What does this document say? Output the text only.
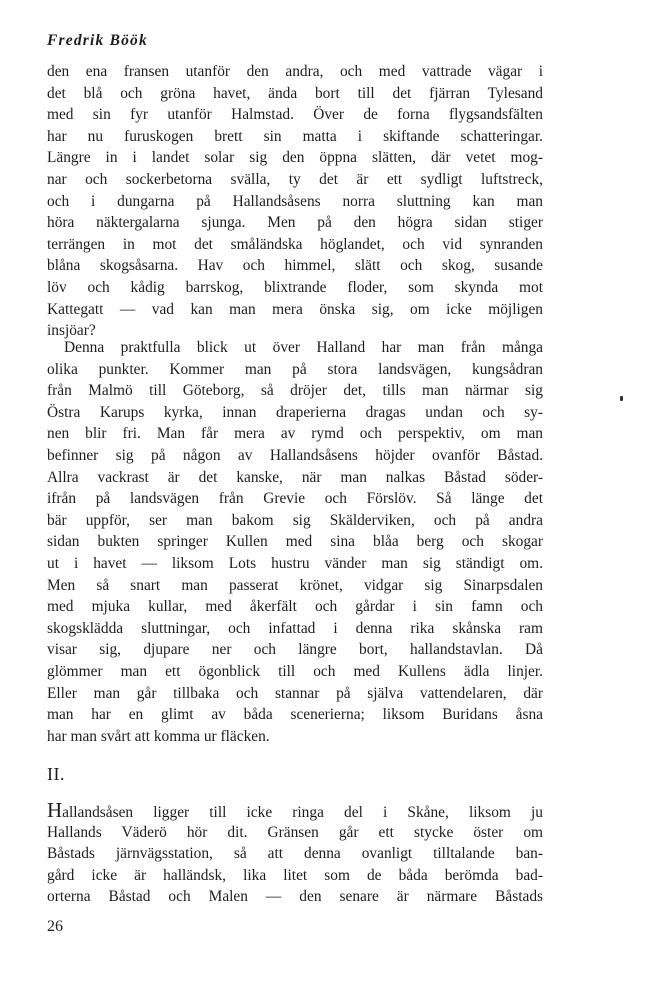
Fredrik Böök
den ena fransen utanför den andra, och med vattrade vägar i
det blå och gröna havet, ända bort till det fjärran Tylesand
med sin fyr utanför Halmstad. Över de forna flygsandsfälten
har nu furuskogen brett sin matta i skiftande schatteringar.
Längre in i landet solar sig den öppna slätten, där vetet mog-
nar och sockerbetorna svälla, ty det är ett sydligt luftstreck,
och i dungarna på Hallandsåsens norra sluttning kan man
höra näktergalarna sjunga. Men på den högra sidan stiger
terrängen in mot det småländska höglandet, och vid synranden
blåna skogsåsarna. Hav och himmel, slätt och skog, susande
löv och kådig barrskog, blixtrande floder, som skynda mot
Kattegatt — vad kan man mera önska sig, om icke möjligen
insjöar?
Denna praktfulla blick ut över Halland har man från många
olika punkter. Kommer man på stora landsvägen, kungsådran
från Malmö till Göteborg, så dröjer det, tills man närmar sig
Östra Karups kyrka, innan draperierna dragas undan och sy-
nen blir fri. Man får mera av rymd och perspektiv, om man
befinner sig på någon av Hallandsåsens höjder ovanför Båstad.
Allra vackrast är det kanske, när man nalkas Båstad söder-
ifrån på landsvägen från Grevie och Förslöv. Så länge det
bär uppför, ser man bakom sig Skälderviken, och på andra
sidan bukten springer Kullen med sina blåa berg och skogar
ut i havet — liksom Lots hustru vänder man sig ständigt om.
Men så snart man passerat krönet, vidgar sig Sinarpsdalen
med mjuka kullar, med åkerfält och gårdar i sin famn och
skogsklädda sluttningar, och infattad i denna rika skånska ram
visar sig, djupare ner och längre bort, hallandstavlan. Då
glömmer man ett ögonblick till och med Kullens ädla linjer.
Eller man går tillbaka och stannar på själva vattendelaren, där
man har en glimt av båda scenerierna; liksom Buridans åsna
har man svårt att komma ur fläcken.
II.
Hallandsåsen ligger till icke ringa del i Skåne, liksom ju
Hallands Väderö hör dit. Gränsen går ett stycke öster om
Båstads järnvägsstation, så att denna ovanligt tilltalande ban-
gård icke är halländsk, lika litet som de båda berömda bad-
orterna Båstad och Malen — den senare är närmare Båstads
26
